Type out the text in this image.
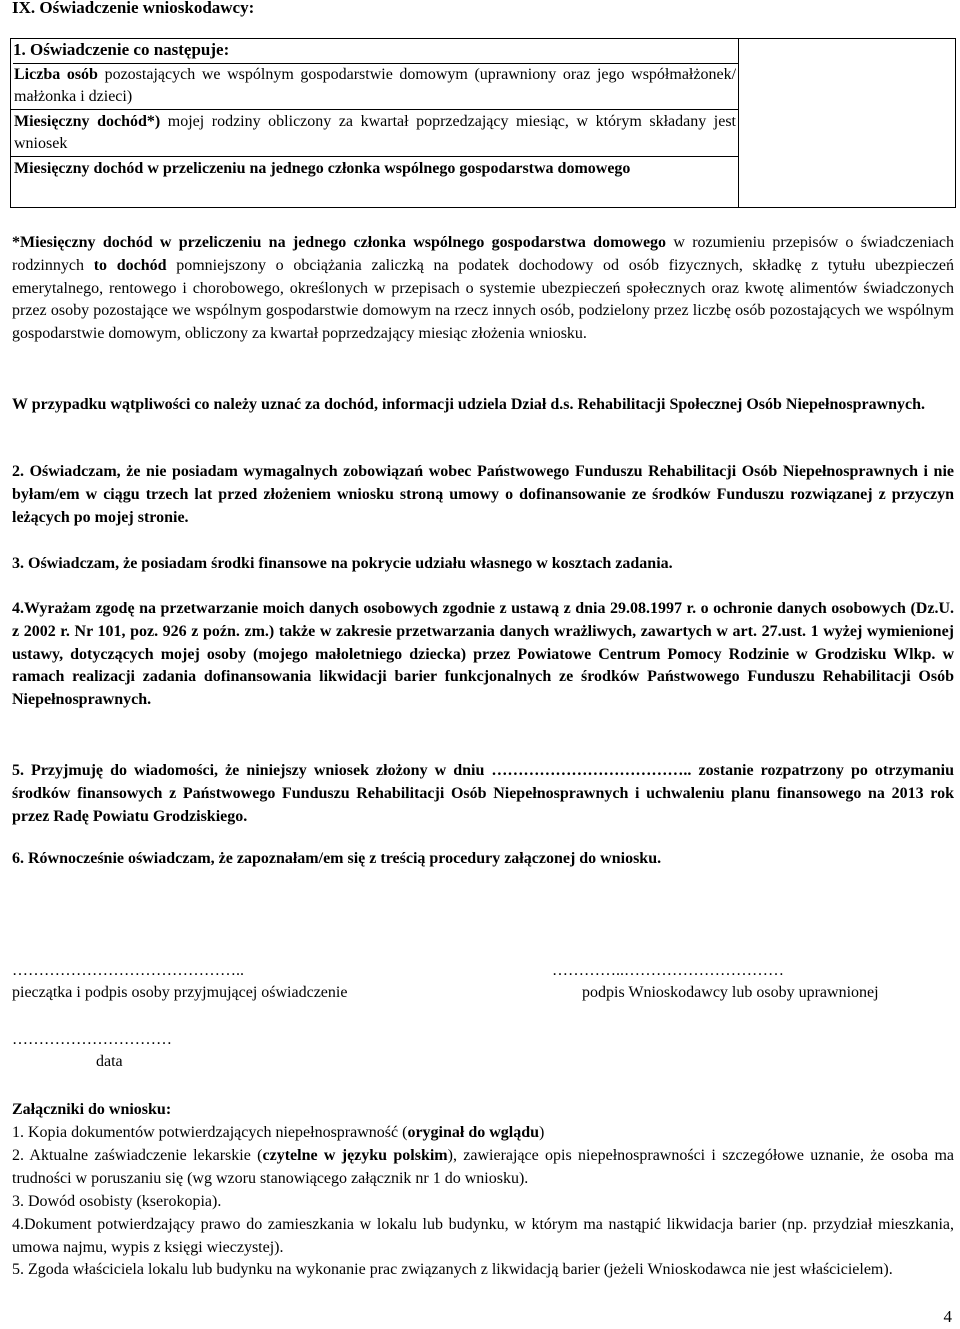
IX. Oświadczenie wnioskodawcy:
1. Oświadczenie co następuje:
Liczba osób pozostających we wspólnym gospodarstwie domowym (uprawniony oraz jego współmałżonek/ małżonka i dzieci)
Miesięczny dochód*) mojej rodziny obliczony za kwartał poprzedzający miesiąc, w którym składany jest wniosek
Miesięczny dochód w przeliczeniu na jednego członka wspólnego gospodarstwa domowego
*Miesięczny dochód w przeliczeniu na jednego członka wspólnego gospodarstwa domowego w rozumieniu przepisów o świadczeniach rodzinnych to dochód pomniejszony o obciążania zaliczką na podatek dochodowy od osób fizycznych, składkę z tytułu ubezpieczeń emerytalnego, rentowego i chorobowego, określonych w przepisach o systemie ubezpieczeń społecznych oraz kwotę alimentów świadczonych przez osoby pozostające we wspólnym gospodarstwie domowym na rzecz innych osób, podzielony przez liczbę osób pozostających we wspólnym gospodarstwie domowym, obliczony za kwartał poprzedzający miesiąc złożenia wniosku.
W przypadku wątpliwości co należy uznać za dochód, informacji udziela Dział d.s. Rehabilitacji Społecznej Osób Niepełnosprawnych.
2. Oświadczam, że nie posiadam wymagalnych zobowiązań wobec Państwowego Funduszu Rehabilitacji Osób Niepełnosprawnych i nie byłam/em w ciągu trzech lat przed złożeniem wniosku stroną umowy o dofinansowanie ze środków Funduszu rozwiązanej z przyczyn leżących po mojej stronie.
3. Oświadczam, że posiadam środki finansowe na pokrycie udziału własnego w kosztach zadania.
4.Wyrażam zgodę na przetwarzanie moich danych osobowych zgodnie z ustawą z dnia 29.08.1997 r. o ochronie danych osobowych (Dz.U. z 2002 r. Nr 101, poz. 926 z poźn. zm.) także w zakresie przetwarzania danych wrażliwych, zawartych w art. 27.ust. 1 wyżej wymienionej ustawy, dotyczących mojej osoby (mojego małoletniego dziecka) przez Powiatowe Centrum Pomocy Rodzinie w Grodzisku Wlkp. w ramach realizacji zadania dofinansowania likwidacji barier funkcjonalnych ze środków Państwowego Funduszu Rehabilitacji Osób Niepełnosprawnych.
5. Przyjmuję do wiadomości, że niniejszy wniosek złożony w dniu ……………………………….. zostanie rozpatrzony po otrzymaniu środków finansowych z Państwowego Funduszu Rehabilitacji Osób Niepełnosprawnych i uchwaleniu planu finansowego na 2013 rok przez Radę Powiatu Grodziskiego.
6. Równocześnie oświadczam, że zapoznałam/em się z treścią procedury załączonej do wniosku.
……………………………………..
pieczątka i podpis osoby przyjmującej oświadczenie
…………..…………………………
podpis Wnioskodawcy lub osoby uprawnionej
…………………………
data
Załączniki do wniosku:
1. Kopia dokumentów potwierdzających niepełnosprawność (oryginał do wglądu)
2. Aktualne zaświadczenie lekarskie (czytelne w języku polskim), zawierające opis niepełnosprawności i szczegółowe uznanie, że osoba ma trudności w poruszaniu się (wg wzoru stanowiącego załącznik nr 1 do wniosku).
3. Dowód osobisty (kserokopia).
4.Dokument potwierdzający prawo do zamieszkania w lokalu lub budynku, w którym ma nastąpić likwidacja barier (np. przydział mieszkania, umowa najmu, wypis z księgi wieczystej).
5. Zgoda właściciela lokalu lub budynku na wykonanie prac związanych z likwidacją barier (jeżeli Wnioskodawca nie jest właścicielem).
4
